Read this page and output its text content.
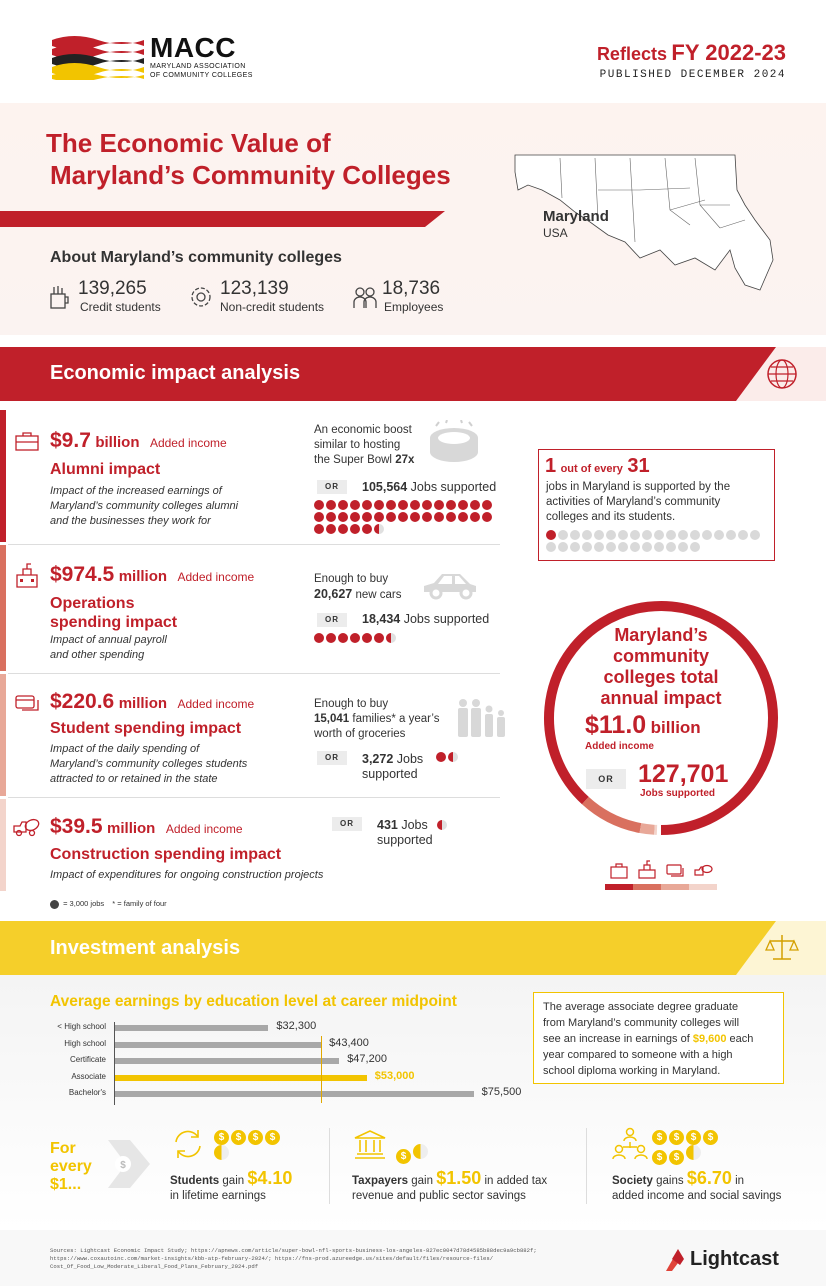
MACC
MARYLAND ASSOCIATION
OF COMMUNITY COLLEGES
Reflects FY 2022-23
PUBLISHED DECEMBER 2024
The Economic Value of
Maryland’s Community Colleges
Maryland
USA
About Maryland’s community colleges
139,265
Credit students
123,139
Non-credit students
18,736
Employees
Economic impact analysis
$9.7 billion Added income
Alumni impact
Impact of the increased earnings of
Maryland’s community colleges alumni
and the businesses they work for
An economic boost
similar to hosting
the Super Bowl 27x
OR	105,564 Jobs supported
$974.5 million Added income
Operations
spending impact
Impact of annual payroll
and other spending
Enough to buy
20,627 new cars
OR	18,434 Jobs supported
$220.6 million Added income
Student spending impact
Impact of the daily spending of
Maryland’s community colleges students
attracted to or retained in the state
Enough to buy
15,041 families* a year’s
worth of groceries
OR	3,272 Jobs
supported
$39.5 million Added income
Construction spending impact
Impact of expenditures for ongoing construction projects
OR	431 Jobs
supported
= 3,000 jobs * = family of four
1 out of every 31
jobs in Maryland is supported by the
activities of Maryland’s community
colleges and its students.
Maryland’s
community
colleges total
annual impact
$11.0 billion
Added income
OR 127,701
Jobs supported
Investment analysis
Average earnings by education level at career midpoint
< High school	$32,300
High school	$43,400
Certificate	$47,200
Associate	$53,000
Bachelor's	$75,500
The average associate degree graduate
from Maryland’s community colleges will
see an increase in earnings of $9,600 each
year compared to someone with a high
school diploma working in Maryland.
For
every
$1...
$
$ $ $ $

Students gain $4.10
in lifetime earnings
$
Taxpayers gain $1.50 in added tax
revenue and public sector savings
$ $ $ $
$ $
Society gains $6.70 in
added income and social savings
Sources: Lightcast Economic Impact Study; https://apnews.com/article/super-bowl-nfl-sports-business-los-angeles-827ec0047d78d4585b88dec9a9cb882f;
https://www.coxautoinc.com/market-insights/kbb-atp-february-2024/; https://fns-prod.azureedge.us/sites/default/files/resource-files/
Cost_Of_Food_Low_Moderate_Liberal_Food_Plans_February_2024.pdf	Lightcast
